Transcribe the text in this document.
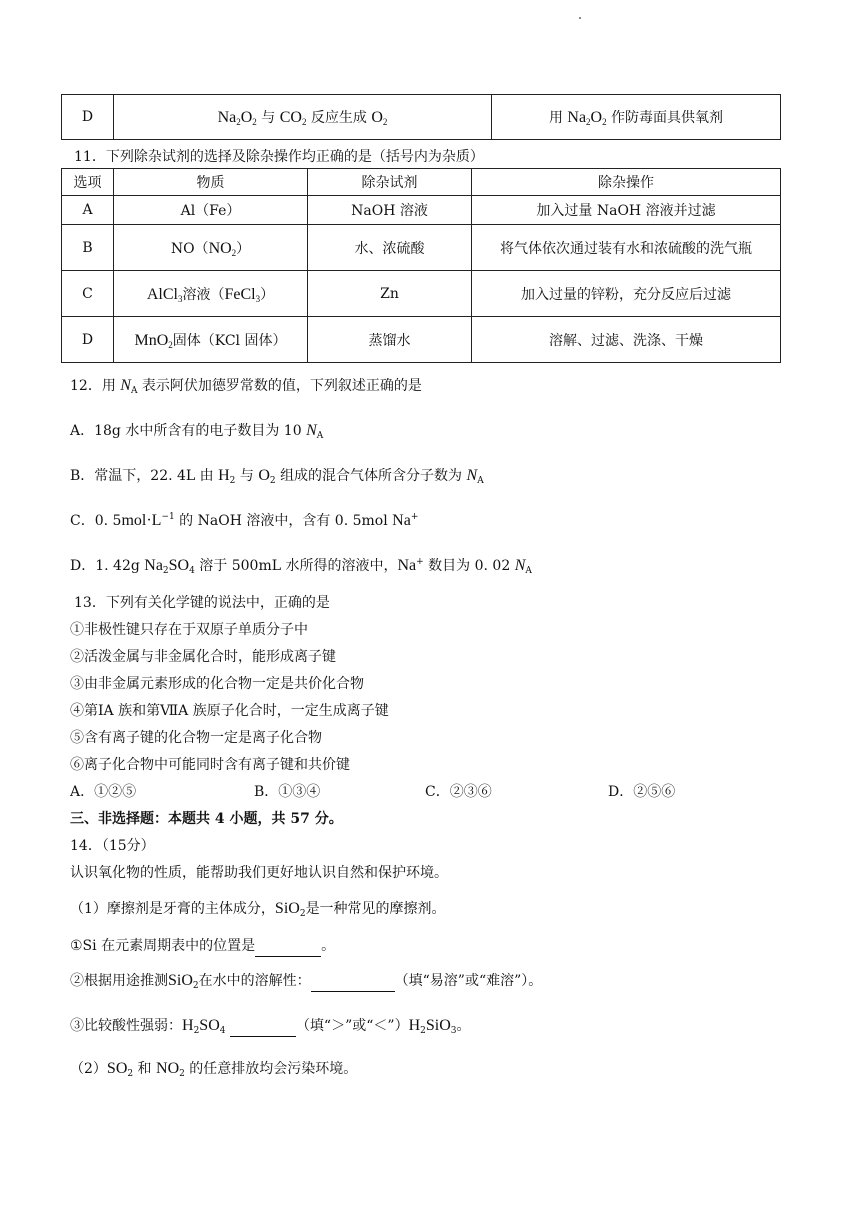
D	$Na_2O_2$ 与 $CO_2$ 反应生成 $O_2$	用 $Na_2O_2$ 作防毒面具供氧剂
11．下列除杂试剂的选择及除杂操作均正确的是（括号内为杂质）
选项	物质	除杂试剂	除杂操作
A	Al（Fe）	NaOH 溶液	加入过量 NaOH 溶液并过滤
B	$NO(NO_2)$	水、浓硫酸	将气体依次通过装有水和浓硫酸的洗气瓶
C	AlCl$_3$溶液（FeCl$_3$）	Zn	加入过量的锌粉，充分反应后过滤
D	MnO$_2$固体（KCl 固体）	蒸馏水	溶解、过滤、洗涤、干燥
12．用 $N_A$ 表示阿伏加德罗常数的值，下列叙述正确的是
A．18g 水中所含有的电子数目为 10 $N_A$
B．常温下，22. 4L 由 $H_2$ 与 $O_2$ 组成的混合气体所含分子数为 $N_A$
C．0. $5mol\cdot L^{-1}$ 的 NaOH 溶液中，含有 0. 5mol Na+
D．1. 42g $Na_2SO_4$ 溶于 500mL 水所得的溶液中，Na+ 数目为 0. 02 $N_A$
13．下列有关化学键的说法中，正确的是
①非极性键只存在于双原子单质分子中
②活泼金属与非金属化合时，能形成离子键
③由非金属元素形成的化合物一定是共价化合物
④第ⅠA 族和第ⅦA 族原子化合时，一定生成离子键
⑤含有离子键的化合物一定是离子化合物
⑥离子化合物中可能同时含有离子键和共价键
A．①②⑤	B．①③④	C．②③⑥	D．②⑤⑥
三、非选择题：本题共 4 小题，共 57 分。
14．（15分）
认识氧化物的性质，能帮助我们更好地认识自然和保护环境。
（1）摩擦剂是牙膏的主体成分，SiO$_2$是一种常见的摩擦剂。
①Si 在元素周期表中的位置是	。
②根据用途推测SiO$_2$在水中的溶解性：	（填“易溶”或“难溶”）。
③比较酸性强弱：$H_2SO_4$	（填“＞”或“$<”)H_2SiO_3$。
$(2)SO_2$ 和 $NO_2$ 的任意排放均会污染环境。
